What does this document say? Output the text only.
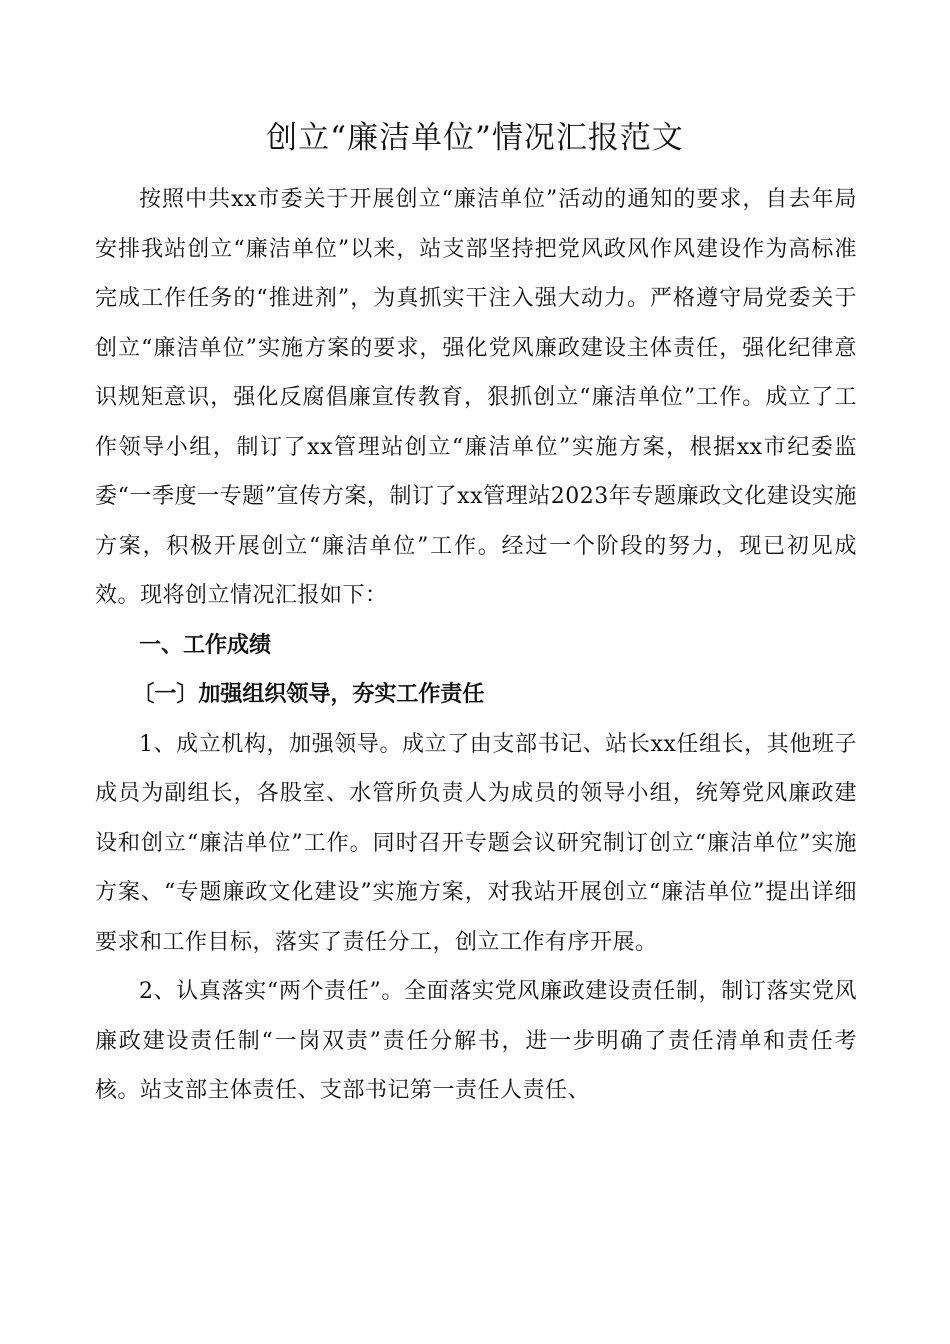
创立“廉洁单位”情况汇报范文

按照中共xx市委关于开展创立“廉洁单位”活动的通知的要求，自去年局安排我站创立“廉洁单位”以来，站支部坚持把党风政风作风建设作为高标准完成工作任务的“推进剂”，为真抓实干注入强大动力。严格遵守局党委关于创立“廉洁单位”实施方案的要求，强化党风廉政建设主体责任，强化纪律意识规矩意识，强化反腐倡廉宣传教育，狠抓创立“廉洁单位”工作。成立了工作领导小组，制订了xx管理站创立“廉洁单位”实施方案，根据xx市纪委监委“一季度一专题”宣传方案，制订了xx管理站2023年专题廉政文化建设实施方案，积极开展创立“廉洁单位”工作。经过一个阶段的努力，现已初见成效。现将创立情况汇报如下：

一、工作成绩

〔一〕加强组织领导，夯实工作责任

1、成立机构，加强领导。成立了由支部书记、站长xx任组长，其他班子成员为副组长，各股室、水管所负责人为成员的领导小组，统筹党风廉政建设和创立“廉洁单位”工作。同时召开专题会议研究制订创立“廉洁单位”实施方案、“专题廉政文化建设”实施方案，对我站开展创立“廉洁单位”提出详细要求和工作目标，落实了责任分工，创立工作有序开展。

2、认真落实“两个责任”。全面落实党风廉政建设责任制，制订落实党风廉政建设责任制“一岗双责”责任分解书，进一步明确了责任清单和责任考核。站支部主体责任、支部书记第一责任人责任、
